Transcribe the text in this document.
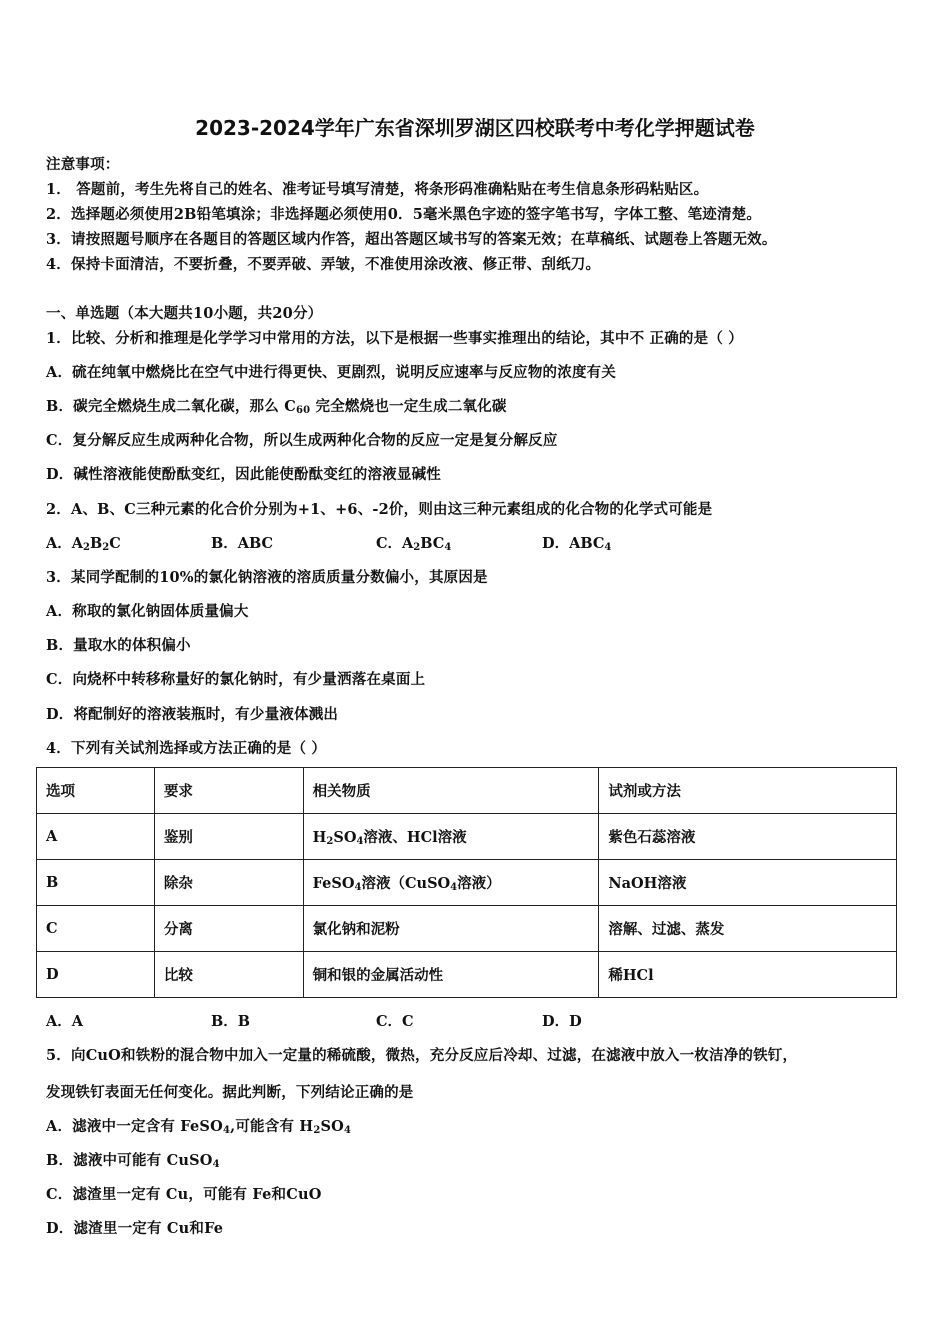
2023-2024学年广东省深圳罗湖区四校联考中考化学押题试卷
注意事项：
1． 答题前，考生先将自己的姓名、准考证号填写清楚，将条形码准确粘贴在考生信息条形码粘贴区。
2．选择题必须使用2B铅笔填涂；非选择题必须使用0．5毫米黑色字迹的签字笔书写，字体工整、笔迹清楚。
3．请按照题号顺序在各题目的答题区域内作答，超出答题区域书写的答案无效；在草稿纸、试题卷上答题无效。
4．保持卡面清洁，不要折叠，不要弄破、弄皱，不准使用涂改液、修正带、刮纸刀。
一、单选题（本大题共10小题，共20分）
1．比较、分析和推理是化学学习中常用的方法，以下是根据一些事实推理出的结论，其中不 正确的是（ ）
A．硫在纯氧中燃烧比在空气中进行得更快、更剧烈，说明反应速率与反应物的浓度有关
B．碳完全燃烧生成二氧化碳，那么 $C_{60}$ 完全燃烧也一定生成二氧化碳
C．复分解反应生成两种化合物，所以生成两种化合物的反应一定是复分解反应
D．碱性溶液能使酚酞变红，因此能使酚酞变红的溶液显碱性
2．A、B、C三种元素的化合价分别为+1、+6、-2价，则由这三种元素组成的化合物的化学式可能是
A．$A_2B_2C$	B．ABC	C．$A_2BC_4$	D．$ABC_4$
3．某同学配制的10%的氯化钠溶液的溶质质量分数偏小，其原因是
A．称取的氯化钠固体质量偏大
B．量取水的体积偏小
C．向烧杯中转移称量好的氯化钠时，有少量洒落在桌面上
D．将配制好的溶液装瓶时，有少量液体溅出
4．下列有关试剂选择或方法正确的是（ ）
选项	要求	相关物质	试剂或方法
A	鉴别	$H_2SO_4$溶液、HCl溶液	紫色石蕊溶液
B	除杂	FeSO$_4$溶液（CuSO$_4$溶液）	NaOH溶液
C	分离	氯化钠和泥粉	溶解、过滤、蒸发
D	比较	铜和银的金属活动性	稀HCl
A．A	B．B	C．C	D．D
5．向CuO和铁粉的混合物中加入一定量的稀硫酸，微热，充分反应后冷却、过滤，在滤液中放入一枚洁净的铁钉，
发现铁钉表面无任何变化。据此判断，下列结论正确的是
A．滤液中一定含有 FeSO$_4$,可能含有 $H_2SO_4$
B．滤液中可能有 CuSO$_4$
C．滤渣里一定有 Cu，可能有 Fe和CuO
D．滤渣里一定有 Cu和Fe
